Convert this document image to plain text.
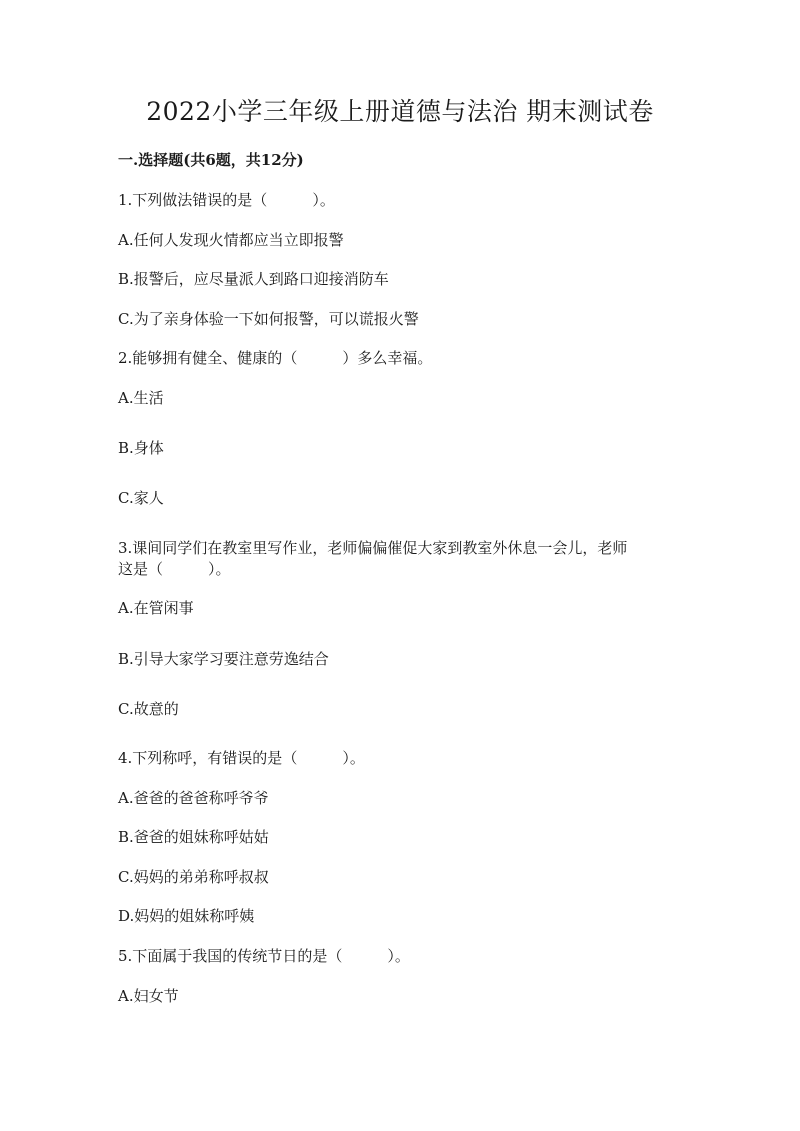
2022小学三年级上册道德与法治 期末测试卷
一.选择题(共6题，共12分)
1.下列做法错误的是（　　　）。
A.任何人发现火情都应当立即报警
B.报警后，应尽量派人到路口迎接消防车
C.为了亲身体验一下如何报警，可以谎报火警
2.能够拥有健全、健康的（　　　）多么幸福。
A.生活
B.身体
C.家人
3.课间同学们在教室里写作业，老师偏偏催促大家到教室外休息一会儿，老师
这是（　　　）。
A.在管闲事
B.引导大家学习要注意劳逸结合
C.故意的
4.下列称呼，有错误的是（　　　）。
A.爸爸的爸爸称呼爷爷
B.爸爸的姐妹称呼姑姑
C.妈妈的弟弟称呼叔叔
D.妈妈的姐妹称呼姨
5.下面属于我国的传统节日的是（　　　）。
A.妇女节
